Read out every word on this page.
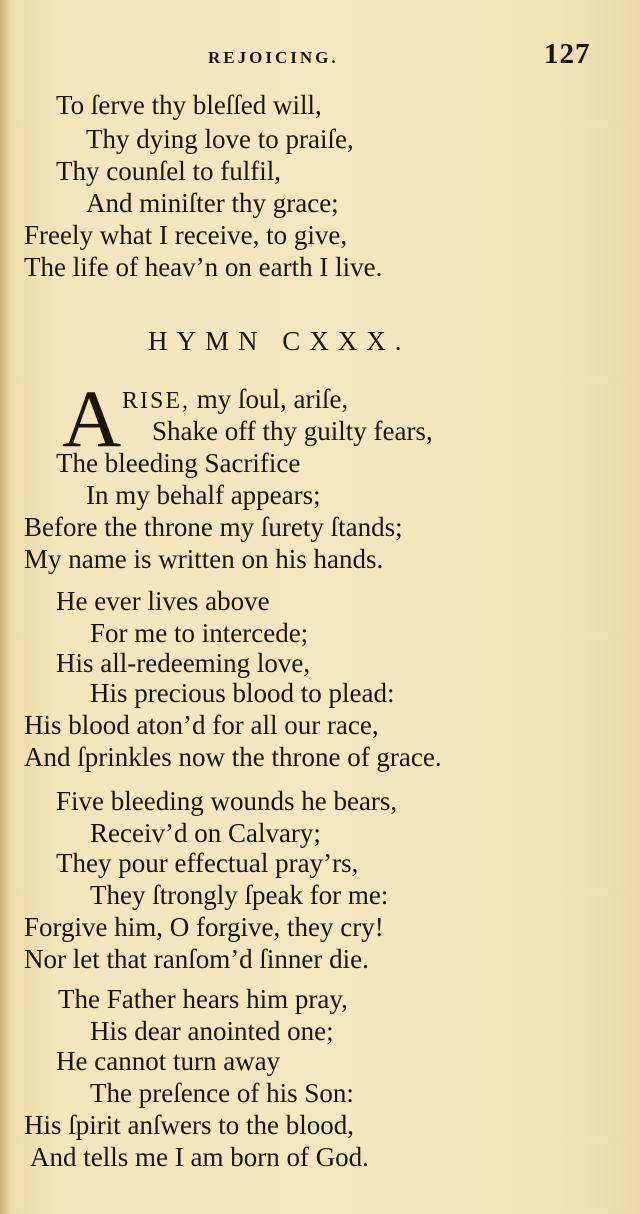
REJOICING.	127
To ſerve thy bleſſed will,
Thy dying love to praiſe,
Thy counſel to fulfil,
And miniſter thy grace;
Freely what I receive, to give,
The life of heav’n on earth I live.
HYMN CXXX.
A RISE, my ſoul, ariſe,
Shake off thy guilty fears,
The bleeding Sacrifice
In my behalf appears;
Before the throne my ſurety ſtands;
My name is written on his hands.
He ever lives above
For me to intercede;
His all-redeeming love,
His precious blood to plead:
His blood aton’d for all our race,
And ſprinkles now the throne of grace.
Five bleeding wounds he bears,
Receiv’d on Calvary;
They pour effectual pray’rs,
They ſtrongly ſpeak for me:
Forgive him, O forgive, they cry!
Nor let that ranſom’d ſinner die.
The Father hears him pray,
His dear anointed one;
He cannot turn away
The preſence of his Son:
His ſpirit anſwers to the blood,
And tells me I am born of God.
